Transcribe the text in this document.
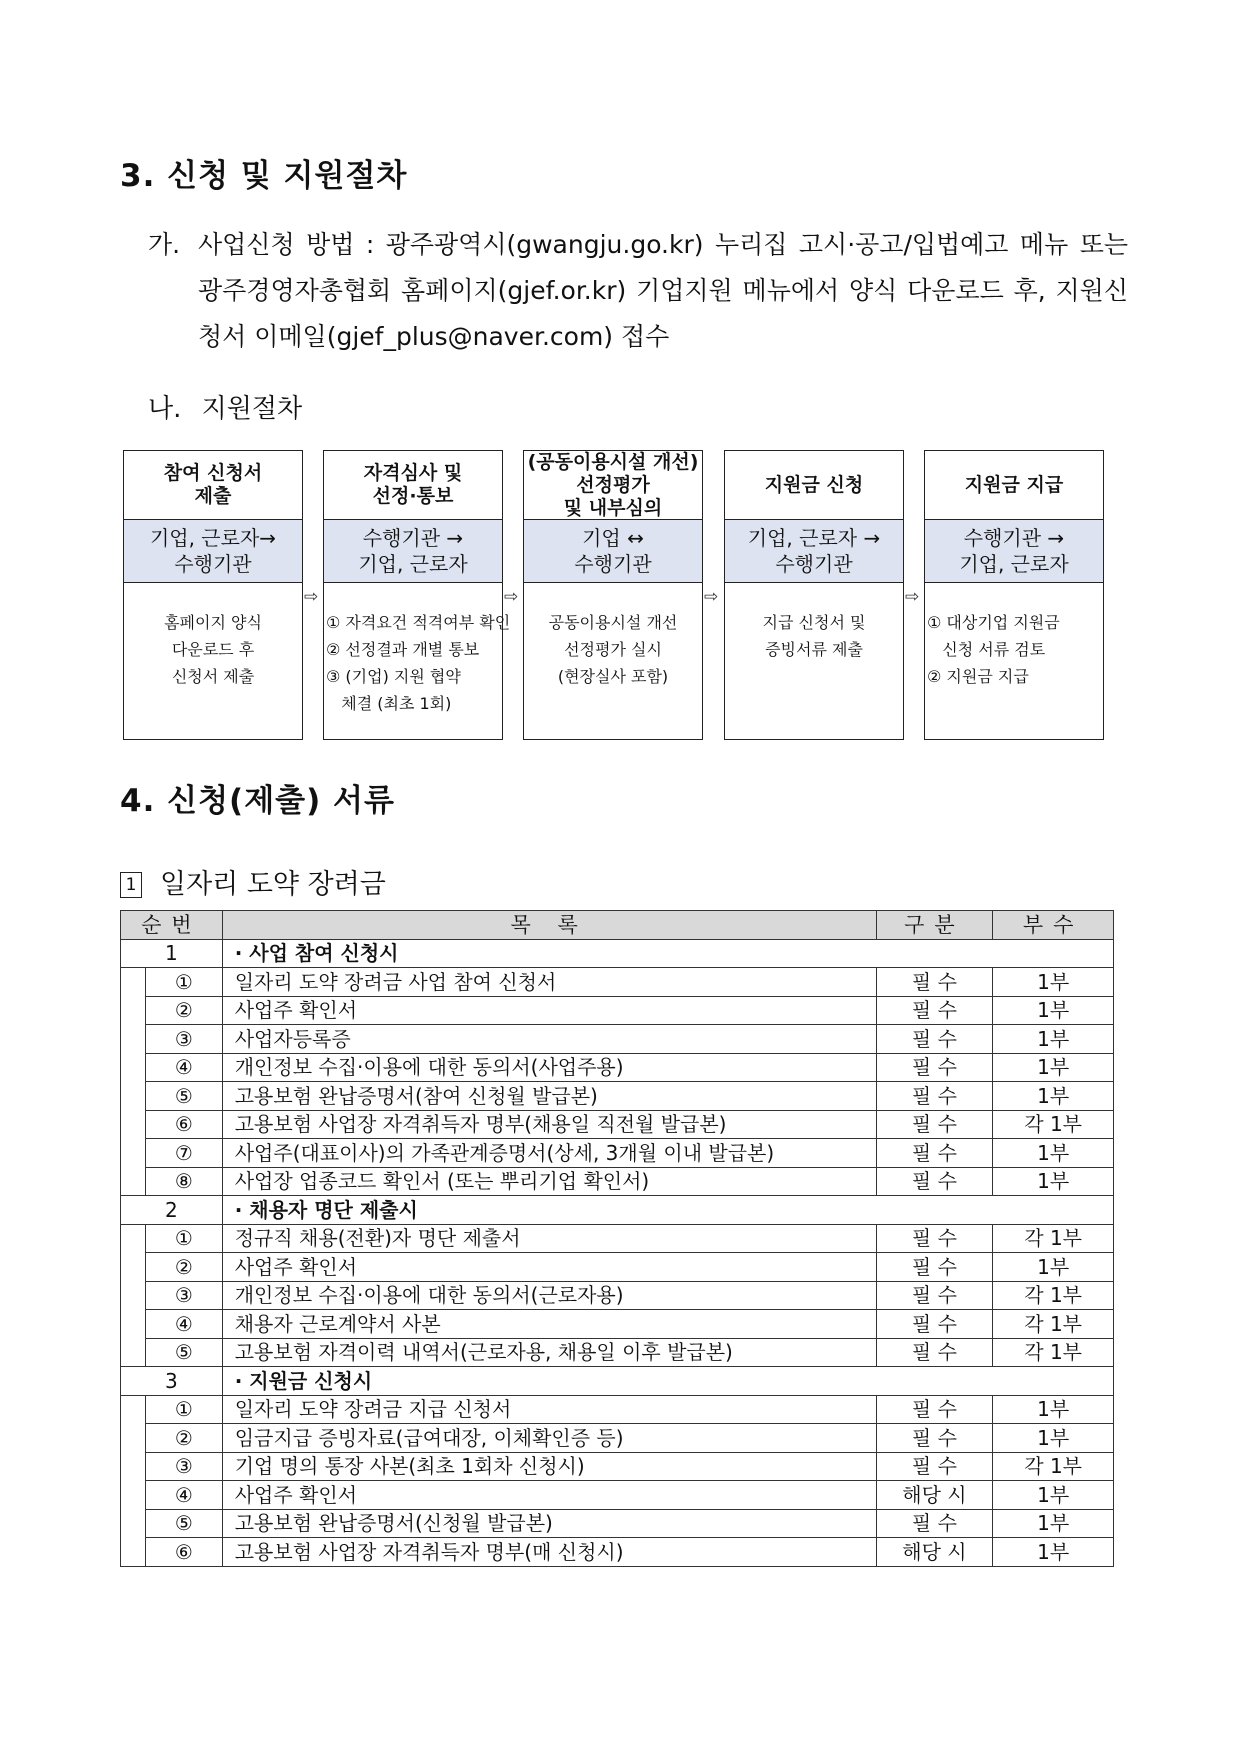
3. 신청 및 지원절차
가. 사업신청 방법 : 광주광역시(gwangju.go.kr) 누리집 고시·공고/입법예고 메뉴 또는 광주경영자총협회 홈페이지(gjef.or.kr) 기업지원 메뉴에서 양식 다운로드 후, 지원신청서 이메일(gjef_plus@naver.com) 접수
나. 지원절차
참여 신청서
제출
기업, 근로자→
수행기관
홈페이지 양식
다운로드 후
신청서 제출
⇨
자격심사 및
선정·통보
수행기관 →
기업, 근로자
① 자격요건 적격여부 확인
② 선정결과 개별 통보
③ (기업) 지원 협약
체결 (최초 1회)
⇨
(공동이용시설 개선)
선정평가
및 내부심의
기업 ↔
수행기관
공동이용시설 개선
선정평가 실시
(현장실사 포함)
⇨
지원금 신청
기업, 근로자 →
수행기관
지급 신청서 및
증빙서류 제출
⇨
지원금 지급
수행기관 →
기업, 근로자
① 대상기업 지원금
신청 서류 검토
② 지원금 지급
4. 신청(제출) 서류
1 일자리 도약 장려금
순번		목 록	구분	부수
1		· 사업 참여 신청시		
	①	일자리 도약 장려금 사업 참여 신청서	필 수	1부
	②	사업주 확인서	필 수	1부
	③	사업자등록증	필 수	1부
	④	개인정보 수집·이용에 대한 동의서(사업주용)	필 수	1부
	⑤	고용보험 완납증명서(참여 신청월 발급본)	필 수	1부
	⑥	고용보험 사업장 자격취득자 명부(채용일 직전월 발급본)	필 수	각 1부
	⑦	사업주(대표이사)의 가족관계증명서(상세, 3개월 이내 발급본)	필 수	1부
	⑧	사업장 업종코드 확인서 (또는 뿌리기업 확인서)	필 수	1부
2		· 채용자 명단 제출시		
	①	정규직 채용(전환)자 명단 제출서	필 수	각 1부
	②	사업주 확인서	필 수	1부
	③	개인정보 수집·이용에 대한 동의서(근로자용)	필 수	각 1부
	④	채용자 근로계약서 사본	필 수	각 1부
	⑤	고용보험 자격이력 내역서(근로자용, 채용일 이후 발급본)	필 수	각 1부
3		· 지원금 신청시		
	①	일자리 도약 장려금 지급 신청서	필 수	1부
	②	임금지급 증빙자료(급여대장, 이체확인증 등)	필 수	1부
	③	기업 명의 통장 사본(최초 1회차 신청시)	필 수	각 1부
	④	사업주 확인서	해당 시	1부
	⑤	고용보험 완납증명서(신청월 발급본)	필 수	1부
	⑥	고용보험 사업장 자격취득자 명부(매 신청시)	해당 시	1부
